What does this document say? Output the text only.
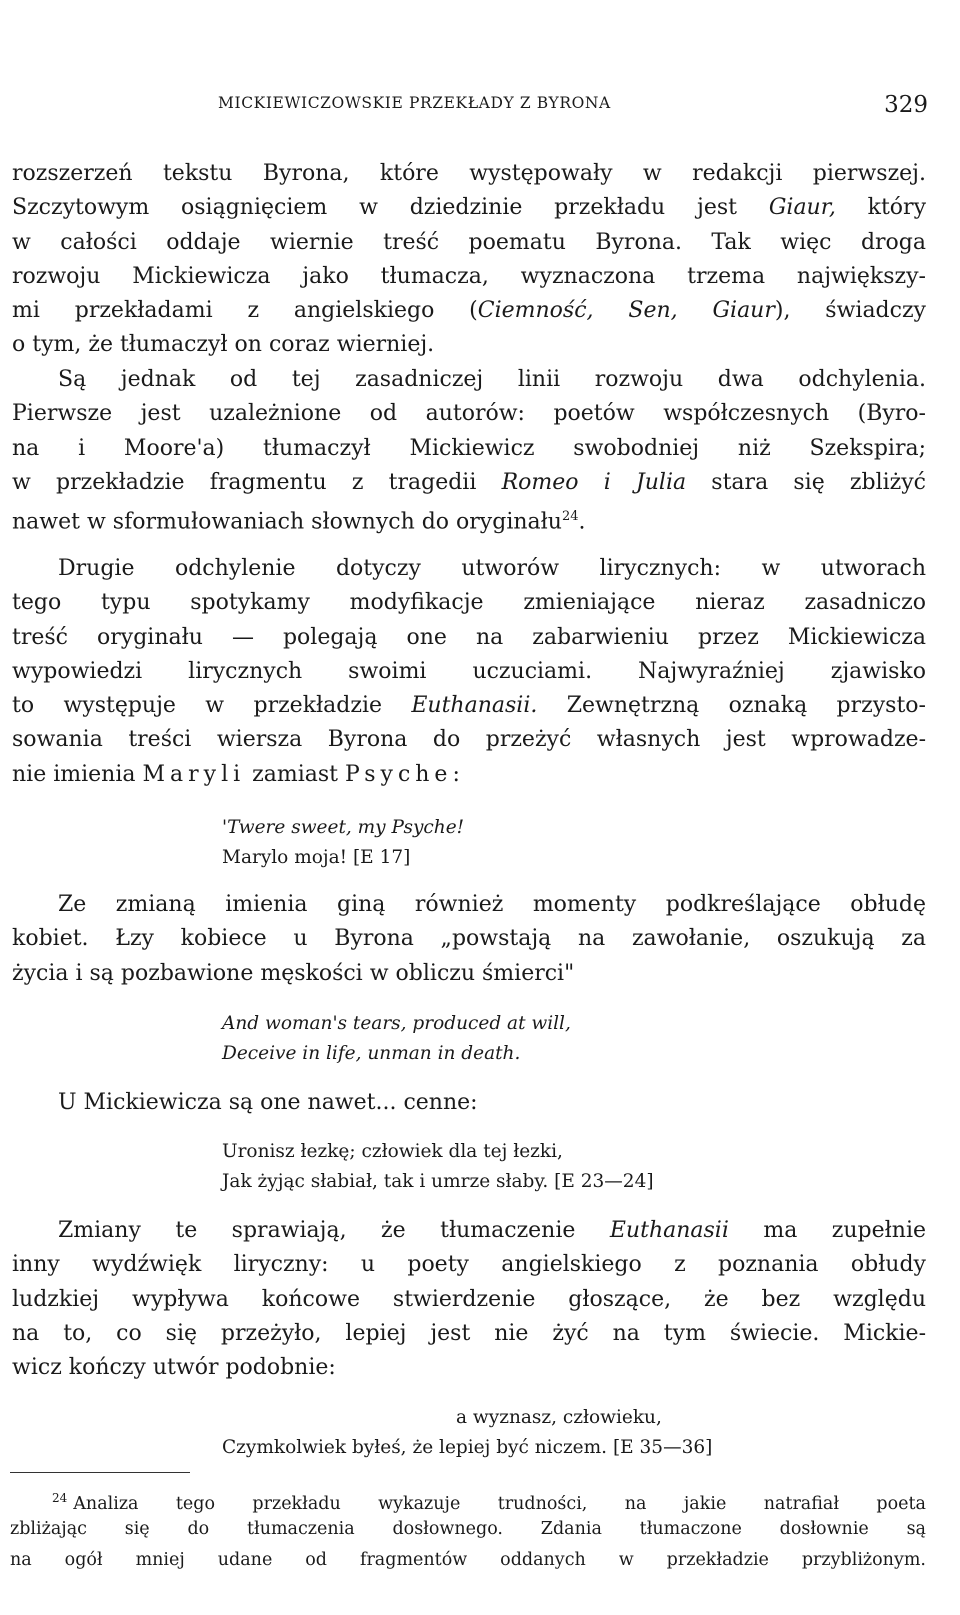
MICKIEWICZOWSKIE PRZEKŁADY Z BYRONA	329
rozszerzeń tekstu Byrona, które występowały w redakcji pierwszej.
Szczytowym osiągnięciem w dziedzinie przekładu jest Giaur, który
w całości oddaje wiernie treść poematu Byrona. Tak więc droga
rozwoju Mickiewicza jako tłumacza, wyznaczona trzema największy-
mi przekładami z angielskiego (Ciemność, Sen, Giaur), świadczy
o tym, że tłumaczył on coraz wierniej.
Są jednak od tej zasadniczej linii rozwoju dwa odchylenia.
Pierwsze jest uzależnione od autorów: poetów współczesnych (Byro-
na i Moore'a) tłumaczył Mickiewicz swobodniej niż Szekspira;
w przekładzie fragmentu z tragedii Romeo i Julia stara się zbliżyć
nawet w sformułowaniach słownych do oryginału$^{24}$.
Drugie odchylenie dotyczy utworów lirycznych: w utworach
tego typu spotykamy modyfikacje zmieniające nieraz zasadniczo
treść oryginału — polegają one na zabarwieniu przez Mickiewicza
wypowiedzi lirycznych swoimi uczuciami. Najwyraźniej zjawisko
to występuje w przekładzie Euthanasii. Zewnętrzną oznaką przysto-
sowania treści wiersza Byrona do przeżyć własnych jest wprowadze-
nie imienia Maryli zamiast Psyche:
'Twere sweet, my Psyche!
Marylo moja! [E 17]
Ze zmianą imienia giną również momenty podkreślające obłudę
kobiet. Łzy kobiece u Byrona „powstają na zawołanie, oszukują za
życia i są pozbawione męskości w obliczu śmierci"
And woman's tears, produced at will,
Deceive in life, unman in death.
U Mickiewicza są one nawet... cenne:
Uronisz łezkę; człowiek dla tej łezki,
Jak żyjąc słabiał, tak i umrze słaby. [E 23—24]
Zmiany te sprawiają, że tłumaczenie Euthanasii ma zupełnie
inny wydźwięk liryczny: u poety angielskiego z poznania obłudy
ludzkiej wypływa końcowe stwierdzenie głoszące, że bez względu
na to, co się przeżyło, lepiej jest nie żyć na tym świecie. Mickie-
wicz kończy utwór podobnie:
a wyznasz, człowieku,
Czymkolwiek byłeś, że lepiej być niczem. [E 35—36]
$^{24}$ Analiza tego przekładu wykazuje trudności, na jakie natrafiał poeta
zbliżając się do tłumaczenia dosłownego. Zdania tłumaczone dosłownie są
na ogół mniej udane od fragmentów oddanych w przekładzie przybliżonym.
